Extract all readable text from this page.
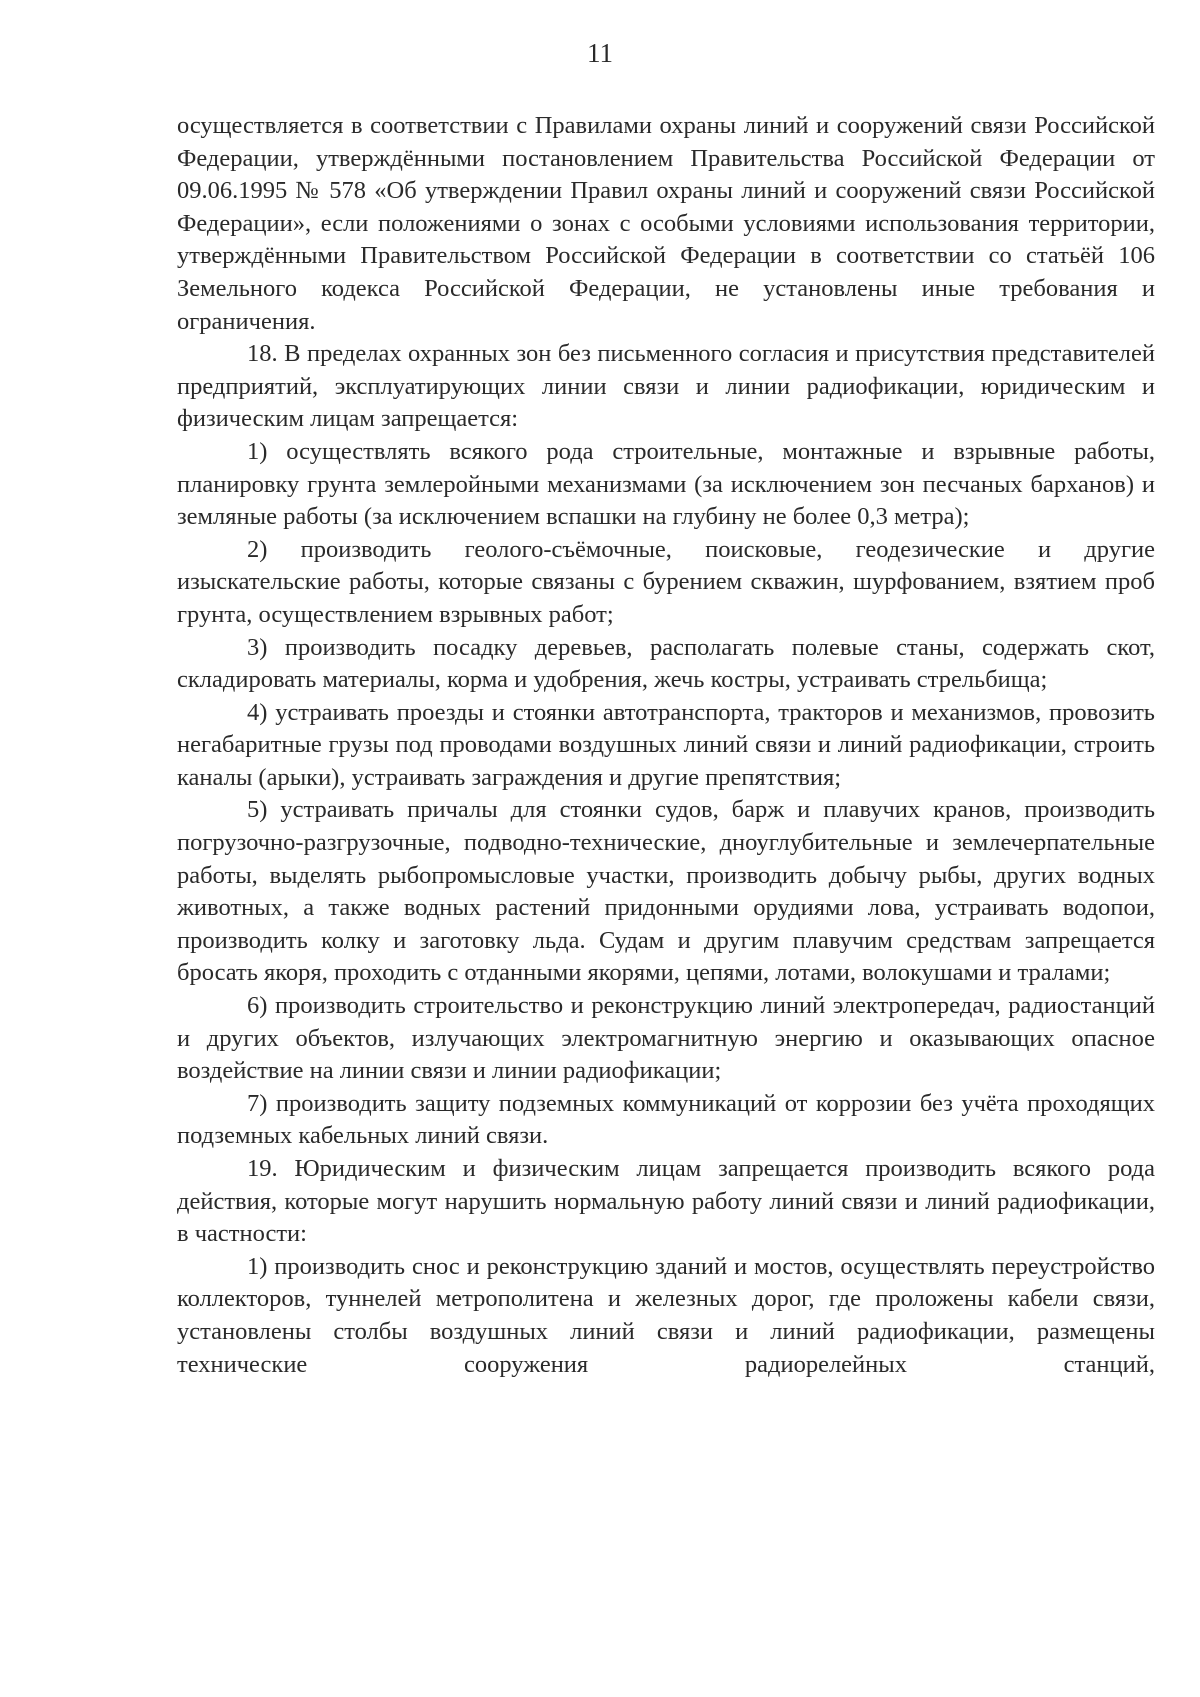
11

осуществляется в соответствии с Правилами охраны линий и сооружений связи Российской Федерации, утверждёнными постановлением Правительства Российской Федерации от 09.06.1995 № 578 «Об утверждении Правил охраны линий и сооружений связи Российской Федерации», если положениями о зонах с особыми условиями использования территории, утверждёнными Правительством Российской Федерации в соответствии со статьёй 106 Земельного кодекса Российской Федерации, не установлены иные требования и ограничения.

18. В пределах охранных зон без письменного согласия и присутствия представителей предприятий, эксплуатирующих линии связи и линии радиофикации, юридическим и физическим лицам запрещается:

1) осуществлять всякого рода строительные, монтажные и взрывные работы, планировку грунта землеройными механизмами (за исключением зон песчаных барханов) и земляные работы (за исключением вспашки на глубину не более 0,3 метра);

2) производить геолого-съёмочные, поисковые, геодезические и другие изыскательские работы, которые связаны с бурением скважин, шурфованием, взятием проб грунта, осуществлением взрывных работ;

3) производить посадку деревьев, располагать полевые станы, содержать скот, складировать материалы, корма и удобрения, жечь костры, устраивать стрельбища;

4) устраивать проезды и стоянки автотранспорта, тракторов и механизмов, провозить негабаритные грузы под проводами воздушных линий связи и линий радиофикации, строить каналы (арыки), устраивать заграждения и другие препятствия;

5) устраивать причалы для стоянки судов, барж и плавучих кранов, производить погрузочно-разгрузочные, подводно-технические, дноуглубительные и землечерпательные работы, выделять рыбопромысловые участки, производить добычу рыбы, других водных животных, а также водных растений придонными орудиями лова, устраивать водопои, производить колку и заготовку льда. Судам и другим плавучим средствам запрещается бросать якоря, проходить с отданными якорями, цепями, лотами, волокушами и тралами;

6) производить строительство и реконструкцию линий электропередач, радиостанций и других объектов, излучающих электромагнитную энергию и оказывающих опасное воздействие на линии связи и линии радиофикации;

7) производить защиту подземных коммуникаций от коррозии без учёта проходящих подземных кабельных линий связи.

19. Юридическим и физическим лицам запрещается производить всякого рода действия, которые могут нарушить нормальную работу линий связи и линий радиофикации, в частности:

1) производить снос и реконструкцию зданий и мостов, осуществлять переустройство коллекторов, туннелей метрополитена и железных дорог, где проложены кабели связи, установлены столбы воздушных линий связи и линий радиофикации, размещены технические сооружения радиорелейных станций,
